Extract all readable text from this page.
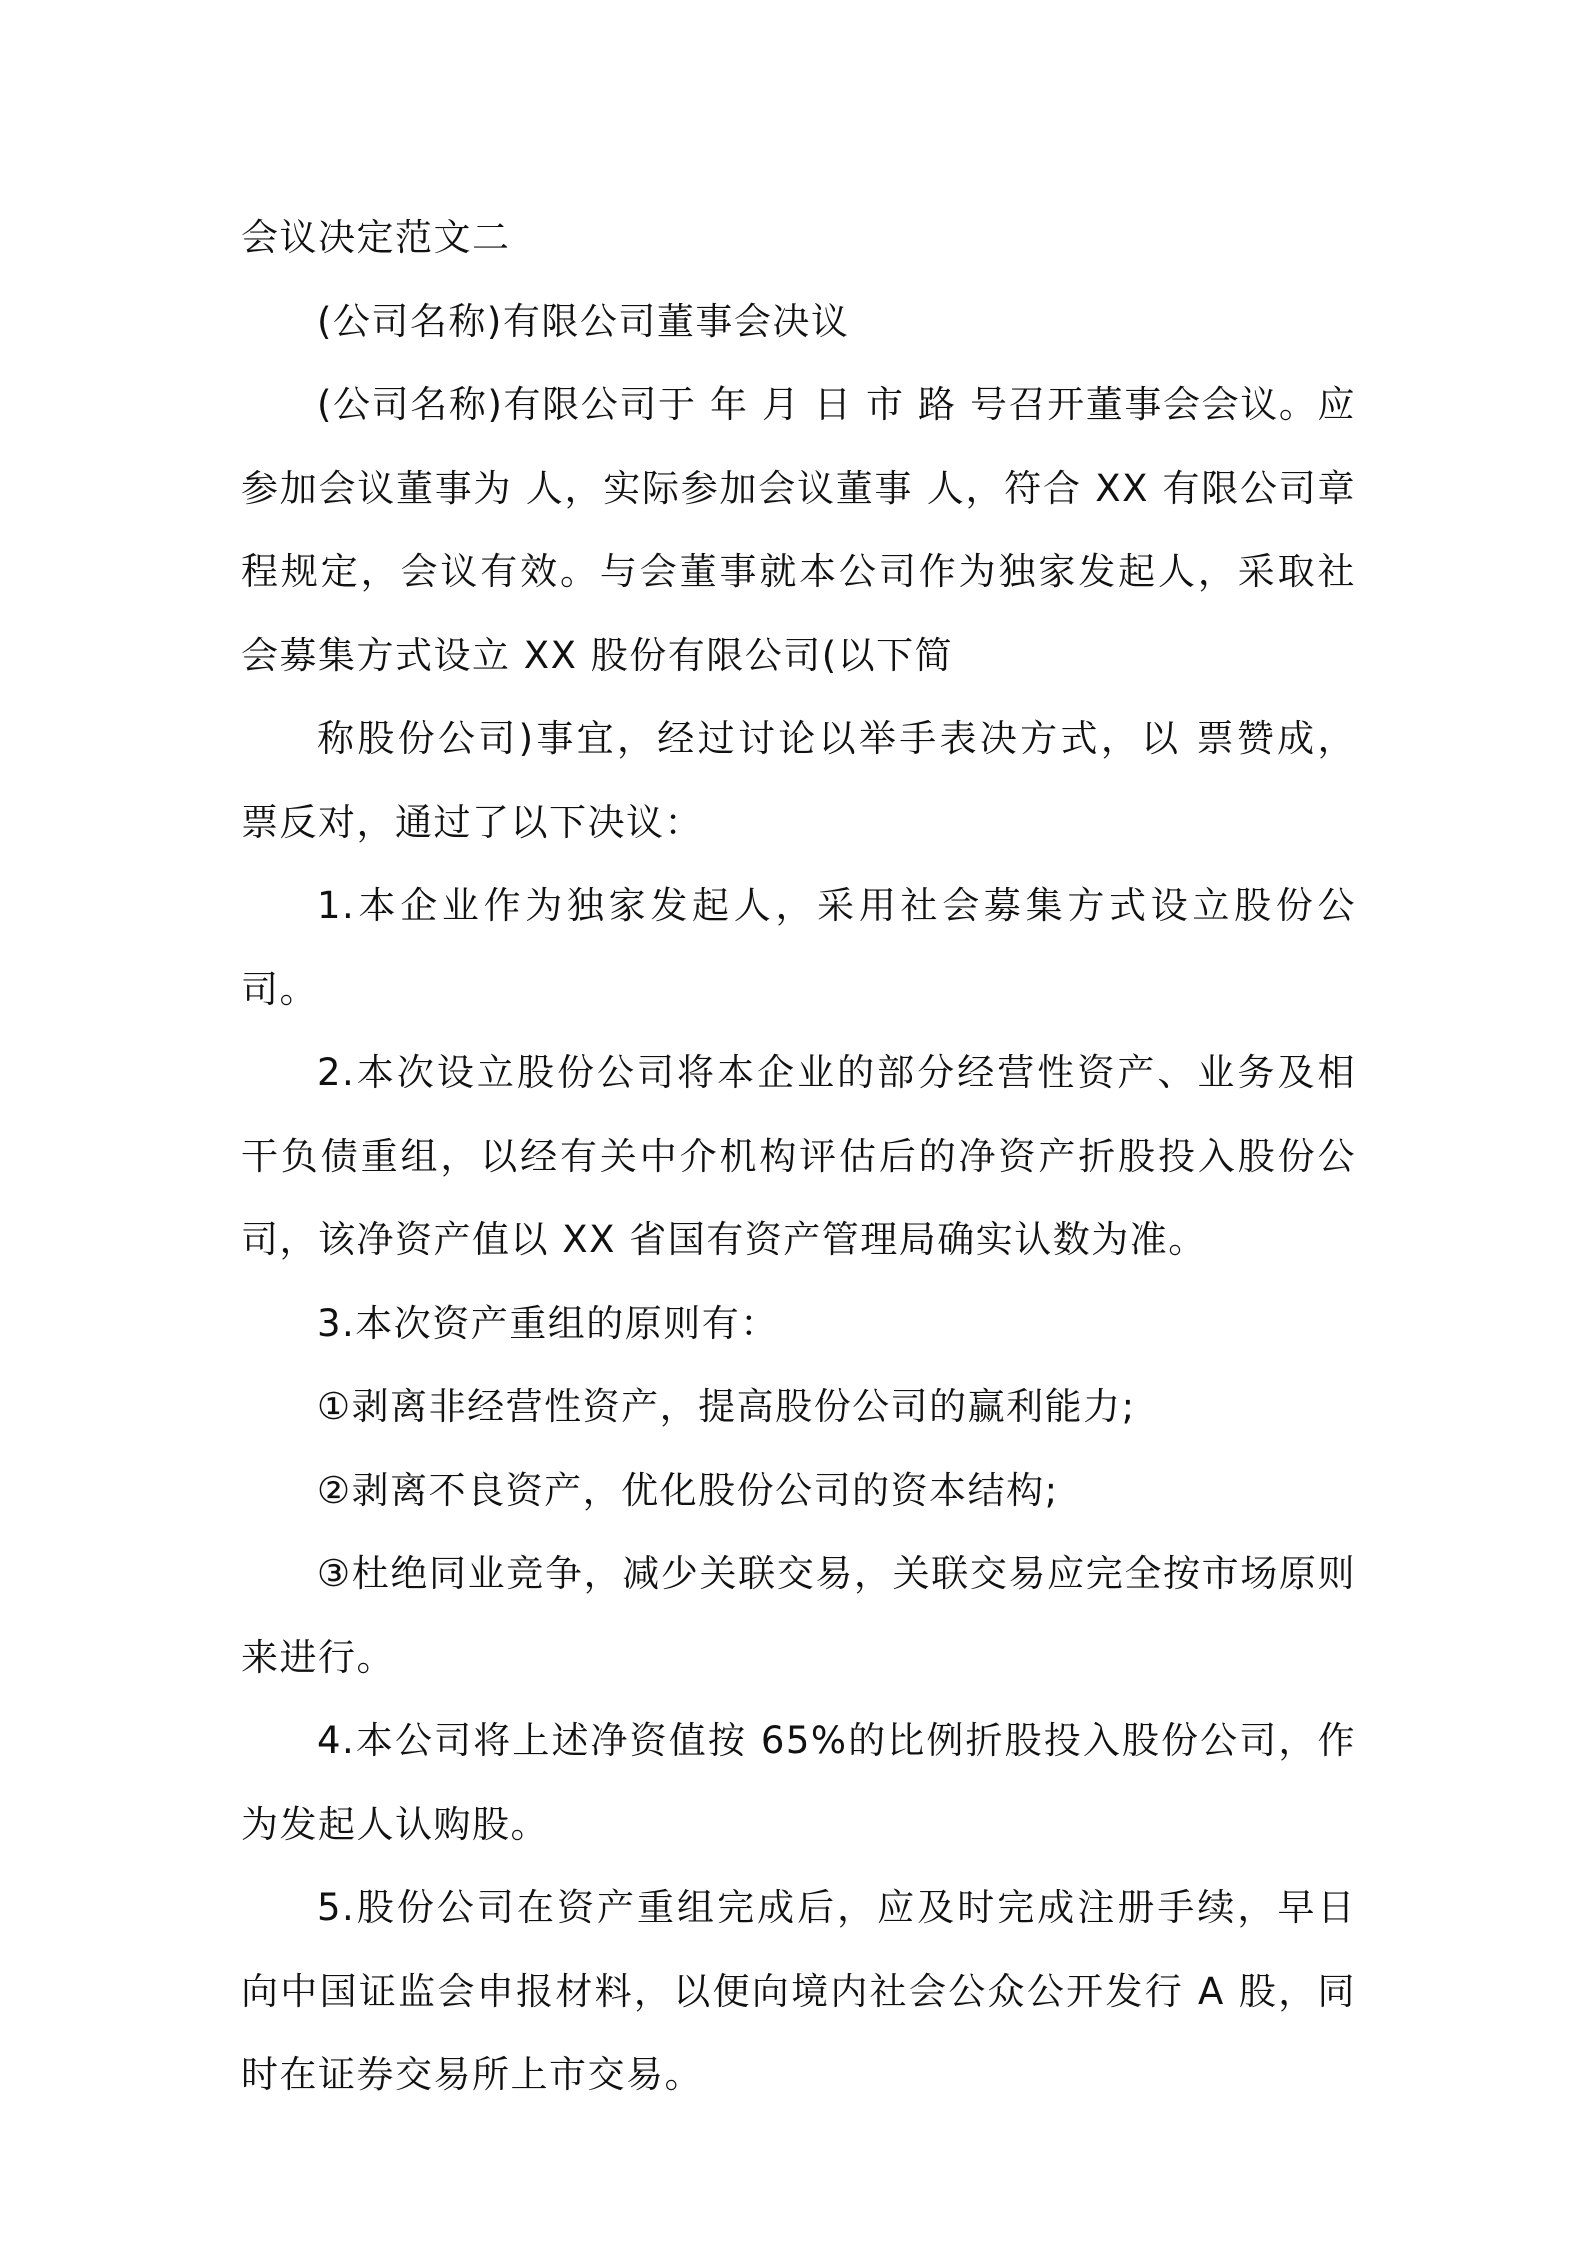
会议决定范文二

(公司名称)有限公司董事会决议

(公司名称)有限公司于 年 月 日 市 路 号召开董事会会议。应参加会议董事为 人，实际参加会议董事 人，符合 XX 有限公司章程规定，会议有效。与会董事就本公司作为独家发起人，采取社会募集方式设立 XX 股份有限公司(以下简

称股份公司)事宜，经过讨论以举手表决方式，以 票赞成， 票反对，通过了以下决议：

1.本企业作为独家发起人，采用社会募集方式设立股份公司。

2.本次设立股份公司将本企业的部分经营性资产、业务及相干负债重组，以经有关中介机构评估后的净资产折股投入股份公司，该净资产值以 XX 省国有资产管理局确实认数为准。

3.本次资产重组的原则有：

①剥离非经营性资产，提高股份公司的赢利能力;

②剥离不良资产，优化股份公司的资本结构;

③杜绝同业竞争，减少关联交易，关联交易应完全按市场原则来进行。

4.本公司将上述净资值按 65%的比例折股投入股份公司，作为发起人认购股。

5.股份公司在资产重组完成后，应及时完成注册手续，早日向中国证监会申报材料，以便向境内社会公众公开发行 A 股，同时在证券交易所上市交易。
